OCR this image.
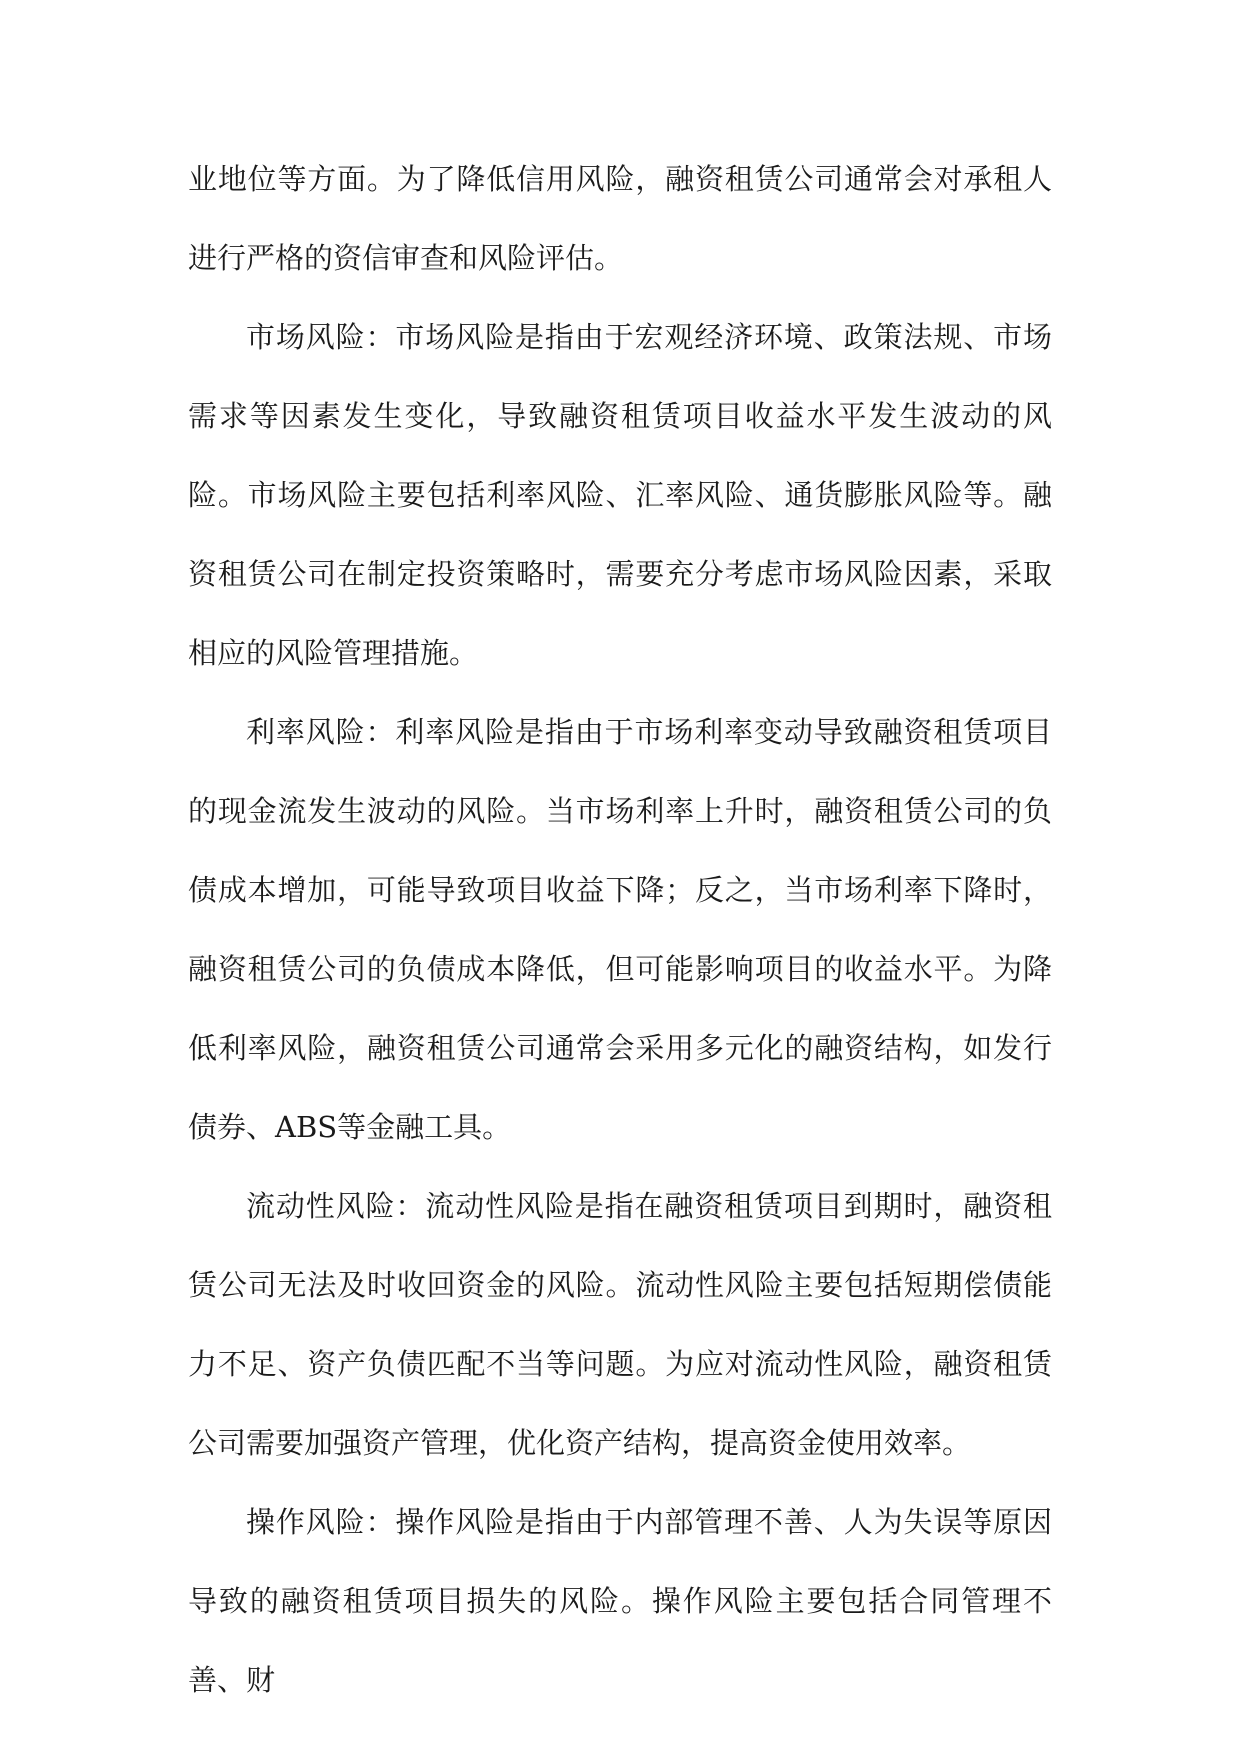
业地位等方面。为了降低信用风险，融资租赁公司通常会对承租人进行严格的资信审查和风险评估。

市场风险：市场风险是指由于宏观经济环境、政策法规、市场需求等因素发生变化，导致融资租赁项目收益水平发生波动的风险。市场风险主要包括利率风险、汇率风险、通货膨胀风险等。融资租赁公司在制定投资策略时，需要充分考虑市场风险因素，采取相应的风险管理措施。

利率风险：利率风险是指由于市场利率变动导致融资租赁项目的现金流发生波动的风险。当市场利率上升时，融资租赁公司的负债成本增加，可能导致项目收益下降；反之，当市场利率下降时，融资租赁公司的负债成本降低，但可能影响项目的收益水平。为降低利率风险，融资租赁公司通常会采用多元化的融资结构，如发行债券、ABS等金融工具。

流动性风险：流动性风险是指在融资租赁项目到期时，融资租赁公司无法及时收回资金的风险。流动性风险主要包括短期偿债能力不足、资产负债匹配不当等问题。为应对流动性风险，融资租赁公司需要加强资产管理，优化资产结构，提高资金使用效率。

操作风险：操作风险是指由于内部管理不善、人为失误等原因导致的融资租赁项目损失的风险。操作风险主要包括合同管理不善、财
